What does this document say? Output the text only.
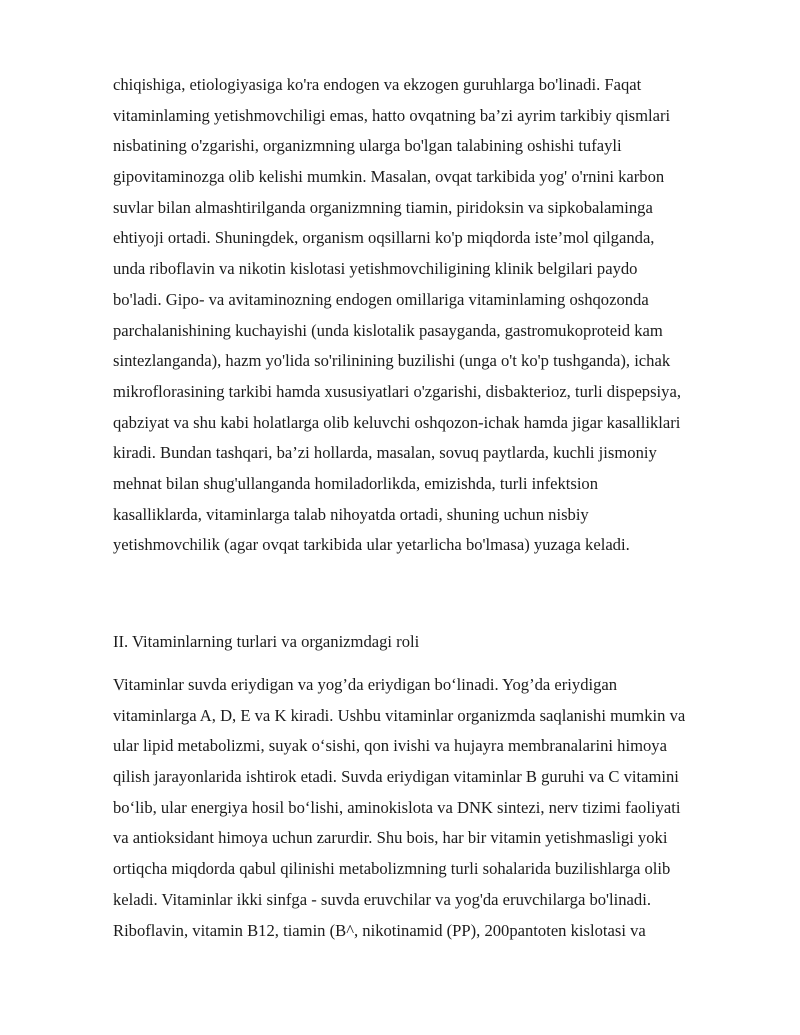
chiqishiga, etiologiyasiga ko'ra endogen va ekzogen guruhlarga bo'linadi. Faqat
vitaminlaming yetishmovchiligi emas, hatto ovqatning ba’zi ayrim tarkibiy qismlari
nisbatining o'zgarishi, organizmning ularga bo'lgan talabining oshishi tufayli
gipovitaminozga olib kelishi mumkin. Masalan, ovqat tarkibida yog' o'rnini karbon
suvlar bilan almashtirilganda organizmning tiamin, piridoksin va sipkobalaminga
ehtiyoji ortadi. Shuningdek, organism oqsillarni ko'p miqdorda iste’mol qilganda,
unda riboflavin va nikotin kislotasi yetishmovchiligining klinik belgilari paydo
bo'ladi. Gipo- va avitaminozning endogen omillariga vitaminlaming oshqozonda
parchalanishining kuchayishi (unda kislotalik pasayganda, gastromukoproteid kam
sintezlanganda), hazm yo'lida so'rilinining buzilishi (unga o't ko'p tushganda), ichak
mikroflorasining tarkibi hamda xususiyatlari o'zgarishi, disbakterioz, turli dispepsiya,
qabziyat va shu kabi holatlarga olib keluvchi oshqozon-ichak hamda jigar kasalliklari
kiradi. Bundan tashqari, ba’zi hollarda, masalan, sovuq paytlarda, kuchli jismoniy
mehnat bilan shug'ullanganda homiladorlikda, emizishda, turli infektsion
kasalliklarda, vitaminlarga talab nihoyatda ortadi, shuning uchun nisbiy
yetishmovchilik (agar ovqat tarkibida ular yetarlicha bo'lmasa) yuzaga keladi.
II. Vitaminlarning turlari va organizmdagi roli
Vitaminlar suvda eriydigan va yog’da eriydigan bo‘linadi. Yog’da eriydigan
vitaminlarga A, D, E va K kiradi. Ushbu vitaminlar organizmda saqlanishi mumkin va
ular lipid metabolizmi, suyak o‘sishi, qon ivishi va hujayra membranalarini himoya
qilish jarayonlarida ishtirok etadi. Suvda eriydigan vitaminlar B guruhi va C vitamini
bo‘lib, ular energiya hosil bo‘lishi, aminokislota va DNK sintezi, nerv tizimi faoliyati
va antioksidant himoya uchun zarurdir. Shu bois, har bir vitamin yetishmasligi yoki
ortiqcha miqdorda qabul qilinishi metabolizmning turli sohalarida buzilishlarga olib
keladi. Vitaminlar ikki sinfga - suvda eruvchilar va yog'da eruvchilarga bo'linadi.
Riboflavin, vitamin B12, tiamin (B^, nikotinamid (PP), 200pantoten kislotasi va
